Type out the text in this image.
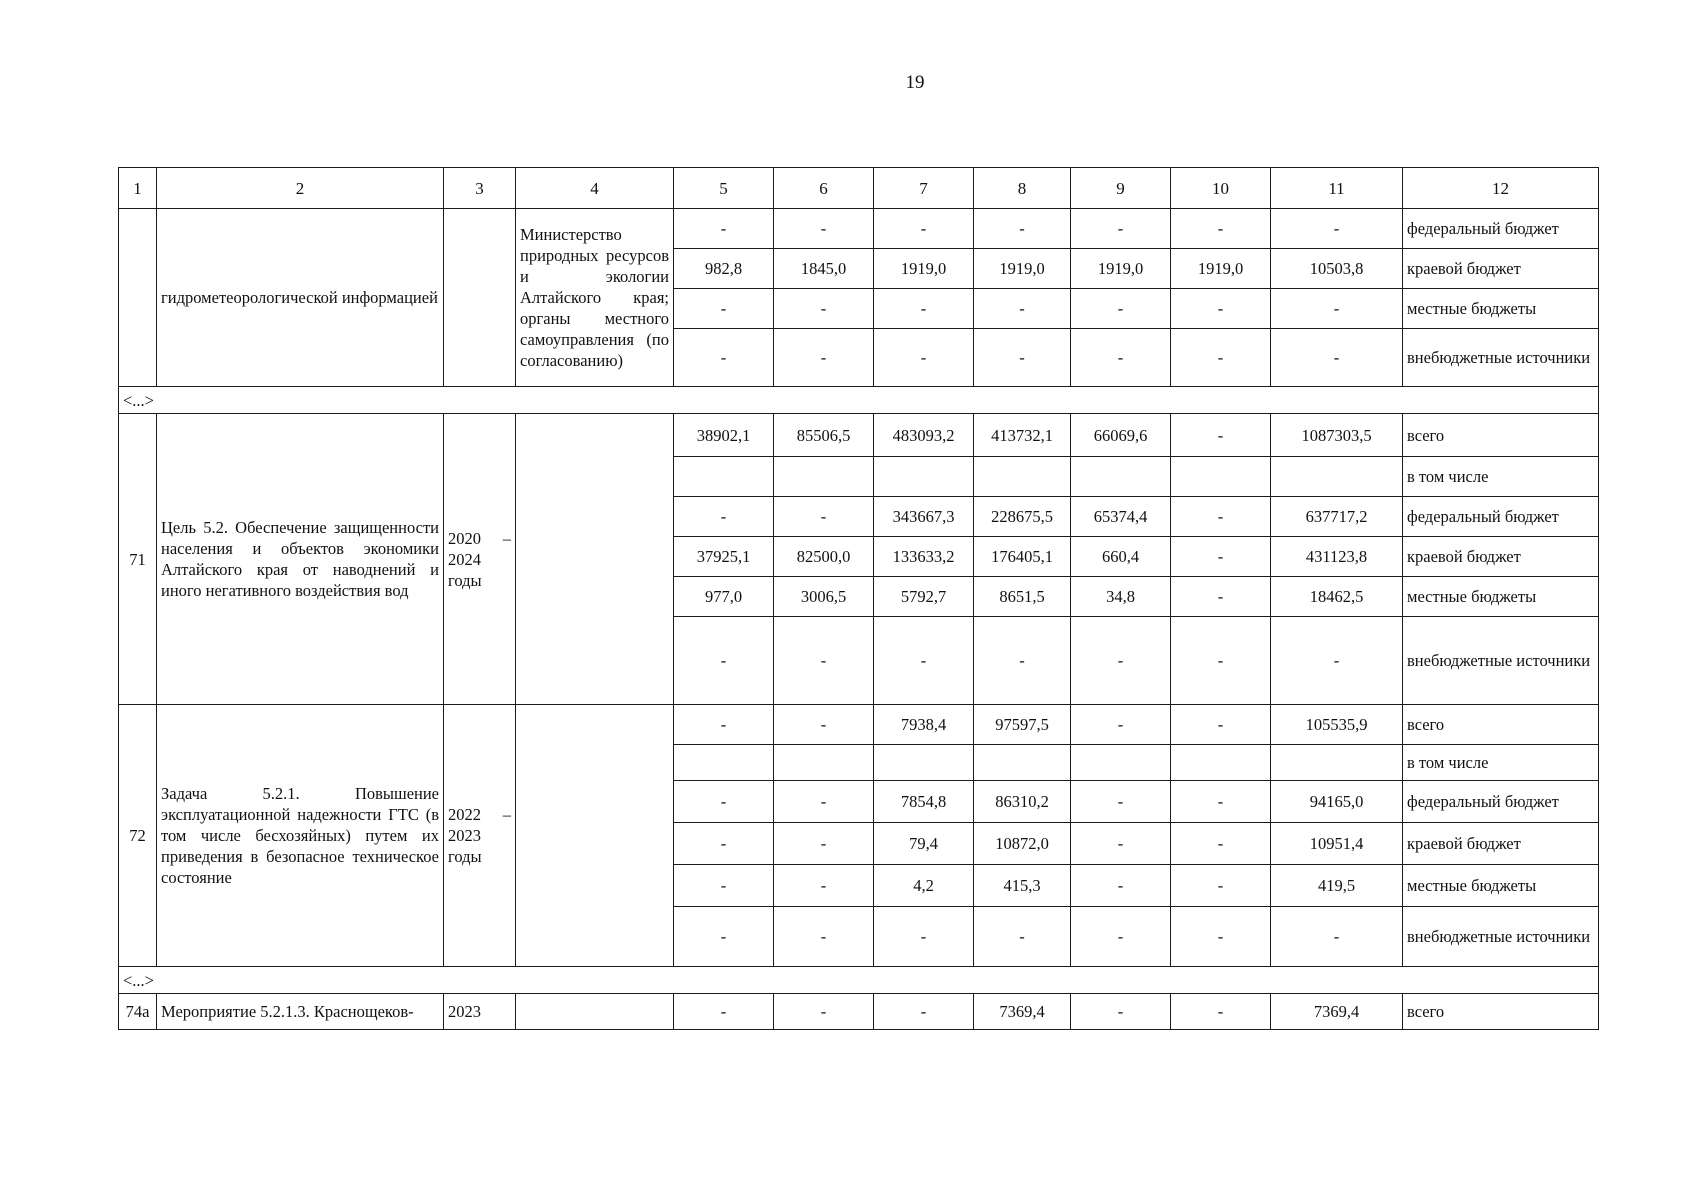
19
1	2	3	4	5	6	7	8	9	10	11	12
	гидрометеорологической информацией		Министерство природных ресурсов и экологии Алтайского края; органы местного самоуправления (по согласованию)	-	-	-	-	-	-	-	федеральный бюджет
				982,8	1845,0	1919,0	1919,0	1919,0	1919,0	10503,8	краевой бюджет
				-	-	-	-	-	-	-	местные бюджеты
				-	-	-	-	-	-	-	внебюджетные источники
<...>											
71	Цель 5.2. Обеспечение защищенности населения и объектов экономики Алтайского края от наводнений и иного негативного воздействия вод	2020 – 2024 годы		38902,1	85506,5	483093,2	413732,1	66069,6	-	1087303,5	всего
											в том числе
				-	-	343667,3	228675,5	65374,4	-	637717,2	федеральный бюджет
				37925,1	82500,0	133633,2	176405,1	660,4	-	431123,8	краевой бюджет
				977,0	3006,5	5792,7	8651,5	34,8	-	18462,5	местные бюджеты
				-	-	-	-	-	-	-	внебюджетные источники
72	Задача 5.2.1. Повышение эксплуатационной надежности ГТС (в том числе бесхозяйных) путем их приведения в безопасное техническое состояние	2022 – 2023 годы		-	-	7938,4	97597,5	-	-	105535,9	всего
											в том числе
				-	-	7854,8	86310,2	-	-	94165,0	федеральный бюджет
				-	-	79,4	10872,0	-	-	10951,4	краевой бюджет
				-	-	4,2	415,3	-	-	419,5	местные бюджеты
				-	-	-	-	-	-	-	внебюджетные источники
<...>											
74а	Мероприятие 5.2.1.3. Краснощеков-	2023		-	-	-	7369,4	-	-	7369,4	всего
